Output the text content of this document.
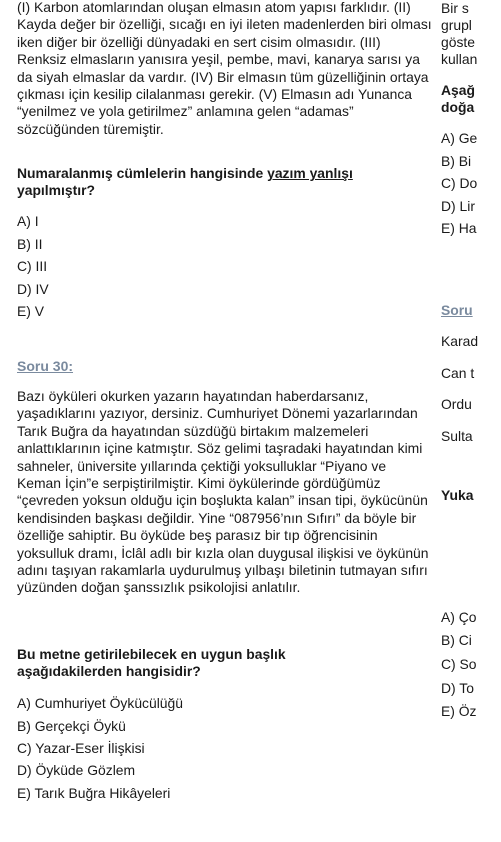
(I) Karbon atomlarından oluşan elmasın atom yapısı farklıdır. (II) Kayda değer bir özelliği, sıcağı en iyi ileten madenlerden biri olması iken diğer bir özelliği dünyadaki en sert cisim olmasıdır. (III) Renksiz elmasların yanısıra yeşil, pembe, mavi, kanarya sarısı ya da siyah elmaslar da vardır. (IV) Bir elmasın tüm güzelliğinin ortaya çıkması için kesilip cilalanması gerekir. (V) Elmasın adı Yunanca “yenilmez ve yola getirilmez” anlamına gelen “adamas” sözcüğünden türemiştir.

Numaralanmış cümlelerin hangisinde yazım yanlışı yapılmıştır?

A) I
B) II
C) III
D) IV
E) V
Soru 30:

Bazı öyküleri okurken yazarın hayatından haberdarsanız, yaşadıklarını yazıyor, dersiniz. Cumhuriyet Dönemi yazarlarından Tarık Buğra da hayatından süzdüğü birtakım malzemeleri anlattıklarının içine katmıştır. Söz gelimi taşradaki hayatından kimi sahneler, üniversite yıllarında çektiği yoksulluklar “Piyano ve Keman İçin”e serpiştirilmiştir. Kimi öykülerinde gördüğümüz “çevreden yoksun olduğu için boşlukta kalan” insan tipi, öykücünün kendisinden başkası değildir. Yine “087956’nın Sıfırı” da böyle bir özelliğe sahiptir. Bu öyküde beş parasız bir tıp öğrencisinin yoksulluk dramı, İclâl adlı bir kızla olan duygusal ilişkisi ve öykünün adını taşıyan rakamlarla uydurulmuş yılbaşı biletinin tutmayan sıfırı yüzünden doğan şanssızlık psikolojisi anlatılır.

Bu metne getirilebilecek en uygun başlık aşağıdakilerden hangisidir?

A) Cumhuriyet Öykücülüğü
B) Gerçekçi Öykü
C) Yazar-Eser İlişkisi
D) Öyküde Gözlem
E) Tarık Buğra Hikâyeleri
Bir s
grupl
göste
kullan
Aşağ
doğa
A) Ge
B) Bi
C) Do
D) Lir
E) Ha
Soru
Karad
Can t
Ordu
Sulta
Yuka
A) Ço
B) Ci
C) So
D) To
E) Öz
